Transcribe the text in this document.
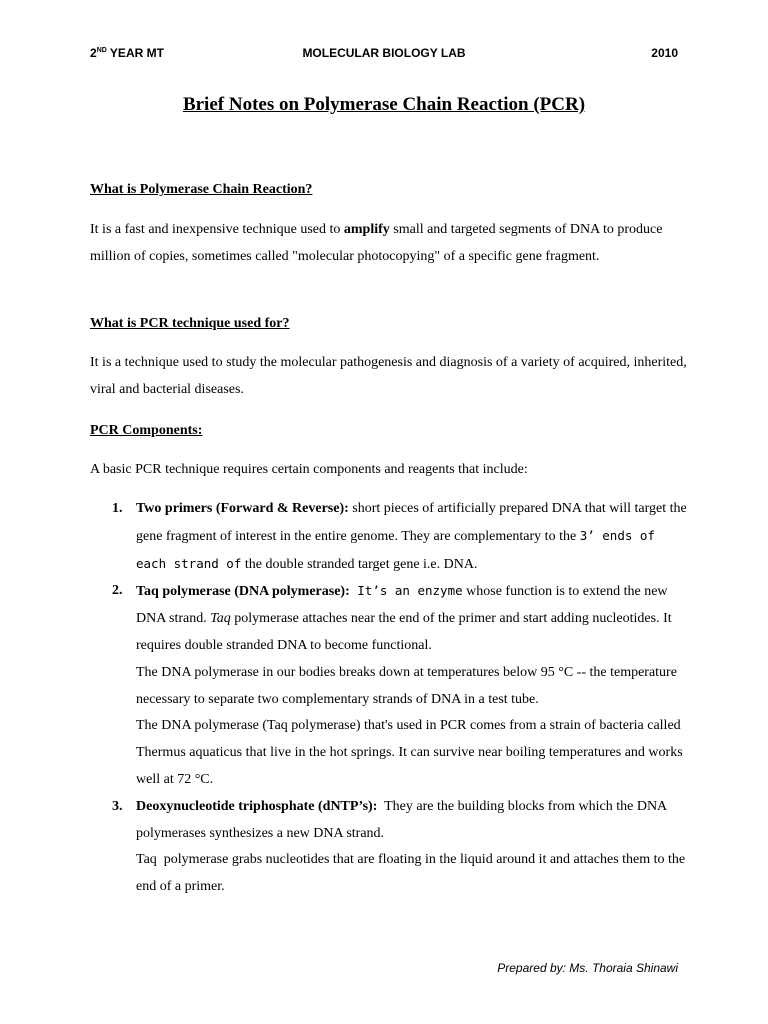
2ND YEAR MT	MOLECULAR BIOLOGY LAB	2010
Brief Notes on Polymerase Chain Reaction (PCR)
What is Polymerase Chain Reaction?
It is a fast and inexpensive technique used to amplify small and targeted segments of DNA to produce million of copies, sometimes called "molecular photocopying" of a specific gene fragment.
What is PCR technique used for?
It is a technique used to study the molecular pathogenesis and diagnosis of a variety of acquired, inherited, viral and bacterial diseases.
PCR Components:
A basic PCR technique requires certain components and reagents that include:
1. Two primers (Forward & Reverse): short pieces of artificially prepared DNA that will target the gene fragment of interest in the entire genome. They are complementary to the 3’ ends of each strand of the double stranded target gene i.e. DNA.
2. Taq polymerase (DNA polymerase): It’s an enzyme whose function is to extend the new DNA strand. Taq polymerase attaches near the end of the primer and start adding nucleotides. It requires double stranded DNA to become functional.
The DNA polymerase in our bodies breaks down at temperatures below 95 °C -- the temperature necessary to separate two complementary strands of DNA in a test tube.
The DNA polymerase (Taq polymerase) that's used in PCR comes from a strain of bacteria called Thermus aquaticus that live in the hot springs. It can survive near boiling temperatures and works well at 72 °C.
3. Deoxynucleotide triphosphate (dNTP’s):  They are the building blocks from which the DNA polymerases synthesizes a new DNA strand.
Taq  polymerase grabs nucleotides that are floating in the liquid around it and attaches them to the end of a primer.
Prepared by: Ms. Thoraia Shinawi
